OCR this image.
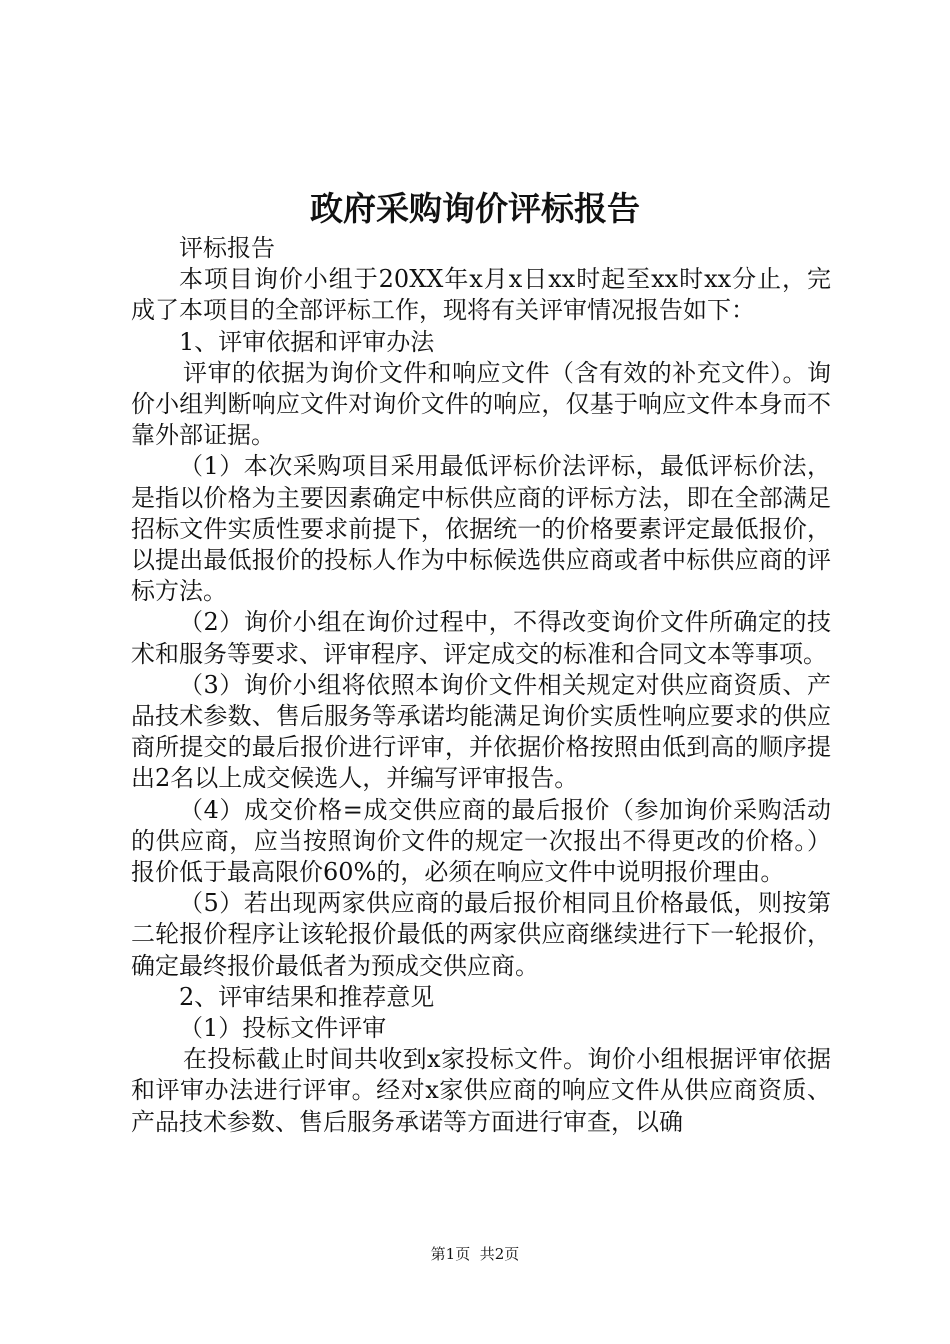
政府采购询价评标报告

评标报告

本项目询价小组于20XX年x月x日xx时起至xx时xx分止，完成了本项目的全部评标工作，现将有关评审情况报告如下：

1、评审依据和评审办法

评审的依据为询价文件和响应文件（含有效的补充文件）。询价小组判断响应文件对询价文件的响应，仅基于响应文件本身而不靠外部证据。

（1）本次采购项目采用最低评标价法评标，最低评标价法，是指以价格为主要因素确定中标供应商的评标方法，即在全部满足招标文件实质性要求前提下，依据统一的价格要素评定最低报价，以提出最低报价的投标人作为中标候选供应商或者中标供应商的评标方法。

（2）询价小组在询价过程中，不得改变询价文件所确定的技术和服务等要求、评审程序、评定成交的标准和合同文本等事项。

（3）询价小组将依照本询价文件相关规定对供应商资质、产品技术参数、售后服务等承诺均能满足询价实质性响应要求的供应商所提交的最后报价进行评审，并依据价格按照由低到高的顺序提出2名以上成交候选人，并编写评审报告。

（4）成交价格=成交供应商的最后报价（参加询价采购活动的供应商，应当按照询价文件的规定一次报出不得更改的价格。）报价低于最高限价60%的，必须在响应文件中说明报价理由。

（5）若出现两家供应商的最后报价相同且价格最低，则按第二轮报价程序让该轮报价最低的两家供应商继续进行下一轮报价，确定最终报价最低者为预成交供应商。

2、评审结果和推荐意见

（1）投标文件评审

在投标截止时间共收到x家投标文件。询价小组根据评审依据和评审办法进行评审。经对x家供应商的响应文件从供应商资质、产品技术参数、售后服务承诺等方面进行审查，以确

第1页 共2页
